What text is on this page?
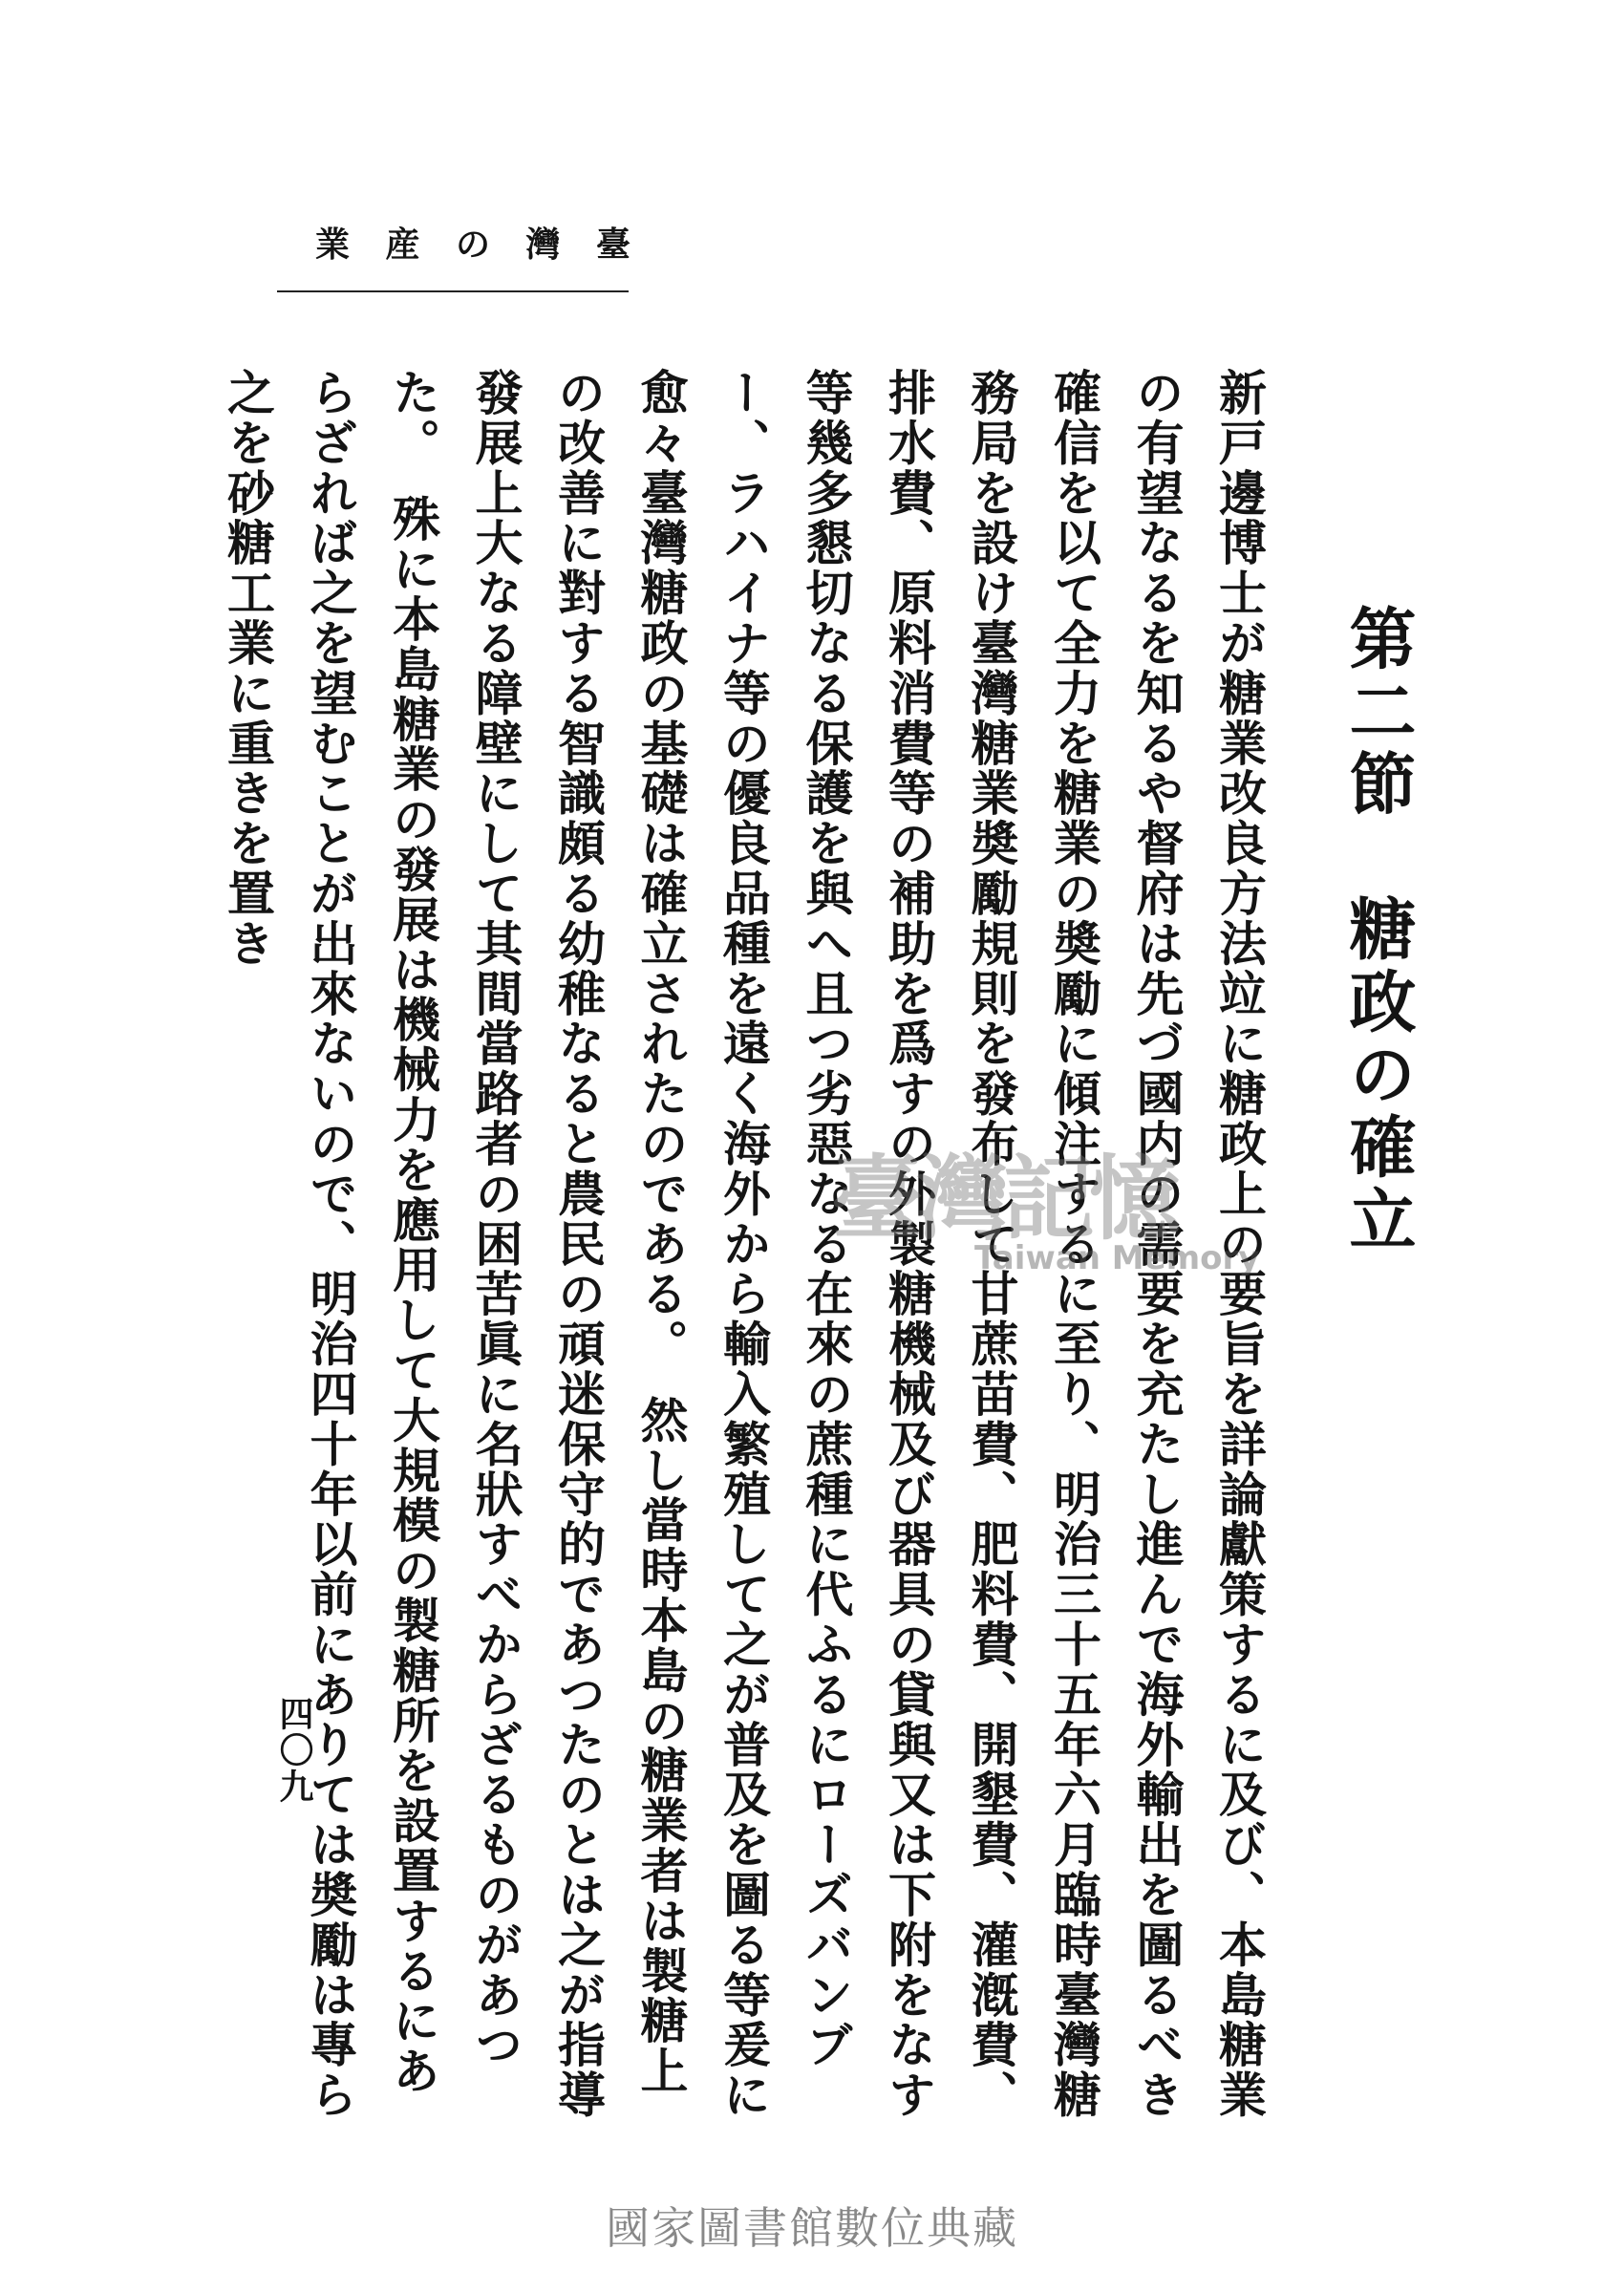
臺
灣
の
産
業
第二節　糖政の確立
新戸邊博士が糖業改良方法竝に糖政上の要旨を詳論獻策するに及び、本島糖業の有望なるを知るや督府は先づ國内の需要を充たし進んで海外輸出を圖るべき確信を以て全力を糖業の奬勵に傾注するに至り、明治三十五年六月臨時臺灣糖務局を設け臺灣糖業奬勵規則を發布して甘蔗苗費、肥料費、開墾費、灌漑費、排水費、原料消費等の補助を爲すの外製糖機械及び器具の貸與又は下附をなす等幾多懇切なる保護を與へ且つ劣惡なる在來の蔗種に代ふるにローズバンブー、ラハイナ等の優良品種を遠く海外から輸入繁殖して之が普及を圖る等爰に愈々臺灣糖政の基礎は確立されたのである。　然し當時本島の糖業者は製糖上の改善に對する智識頗る幼稚なると農民の頑迷保守的であつたのとは之が指導發展上大なる障壁にして其間當路者の困苦眞に名狀すべからざるものがあつた。　殊に本島糖業の發展は機械力を應用して大規模の製糖所を設置するにあらざれば之を望むことが出來ないので、明治四十年以前にありては奬勵は專ら之を砂糖工業に重きを置き
四〇九
臺灣記憶
Taiwan Memory
國家圖書館數位典藏
